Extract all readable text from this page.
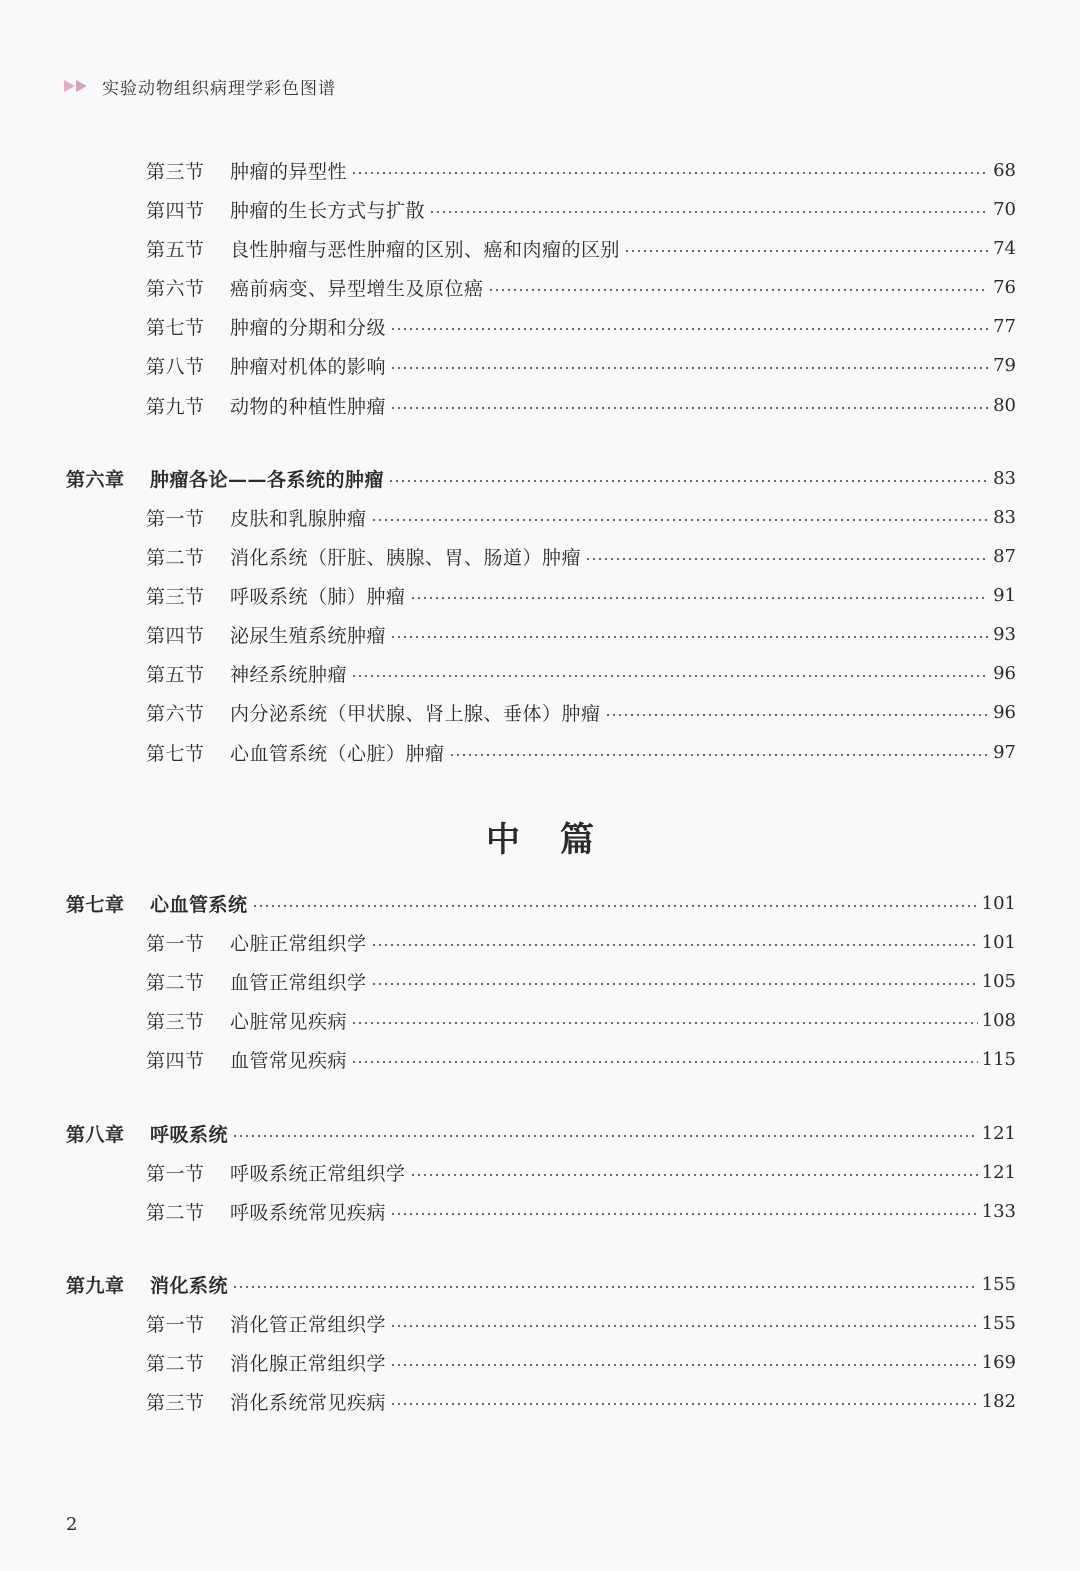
实验动物组织病理学彩色图谱
第三节	肿瘤的异型性	68
第四节	肿瘤的生长方式与扩散	70
第五节	良性肿瘤与恶性肿瘤的区别、癌和肉瘤的区别	74
第六节	癌前病变、异型增生及原位癌	76
第七节	肿瘤的分期和分级	77
第八节	肿瘤对机体的影响	79
第九节	动物的种植性肿瘤	80
第六章	肿瘤各论——各系统的肿瘤	83
第一节	皮肤和乳腺肿瘤	83
第二节	消化系统（肝脏、胰腺、胃、肠道）肿瘤	87
第三节	呼吸系统（肺）肿瘤	91
第四节	泌尿生殖系统肿瘤	93
第五节	神经系统肿瘤	96
第六节	内分泌系统（甲状腺、肾上腺、垂体）肿瘤	96
第七节	心血管系统（心脏）肿瘤	97
第七章	心血管系统	101
第一节	心脏正常组织学	101
第二节	血管正常组织学	105
第三节	心脏常见疾病	108
第四节	血管常见疾病	115
第八章	呼吸系统	121
第一节	呼吸系统正常组织学	121
第二节	呼吸系统常见疾病	133
第九章	消化系统	155
第一节	消化管正常组织学	155
第二节	消化腺正常组织学	169
第三节	消化系统常见疾病	182
中篇
2
